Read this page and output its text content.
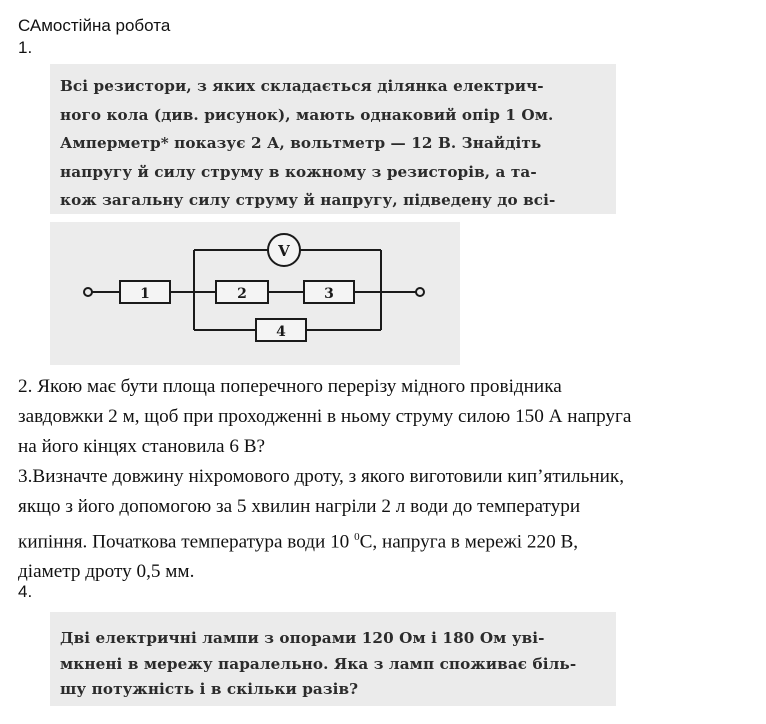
САмостійна робота
1.
Всі резистори, з яких складається ділянка електрич-
ного кола (див. рисунок), мають однаковий опір 1 Ом.
Амперметр* показує 2 А, вольтметр — 12 В. Знайдіть
напругу й силу струму в кожному з резисторів, а та-
кож загальну силу струму й напругу, підведену до всі-
єї ділянки.
V
1	2	3
4
2. Якою має бути площа поперечного перерізу мідного провідника
завдовжки 2 м, щоб при проходженні в ньому струму силою 150 А напруга
на його кінцях становила 6 В?
3.Визначте довжину ніхромового дроту, з якого виготовили кип’ятильник,
якщо з його допомогою за 5 хвилин нагріли 2 л води до температури
кипіння. Початкова температура води 10 $^0$С, напруга в мережі 220 В,
діаметр дроту 0,5 мм.
4.
Дві електричні лампи з опорами 120 Ом і 180 Ом уві-
мкнені в мережу паралельно. Яка з ламп споживає біль-
шу потужність і в скільки разів?
